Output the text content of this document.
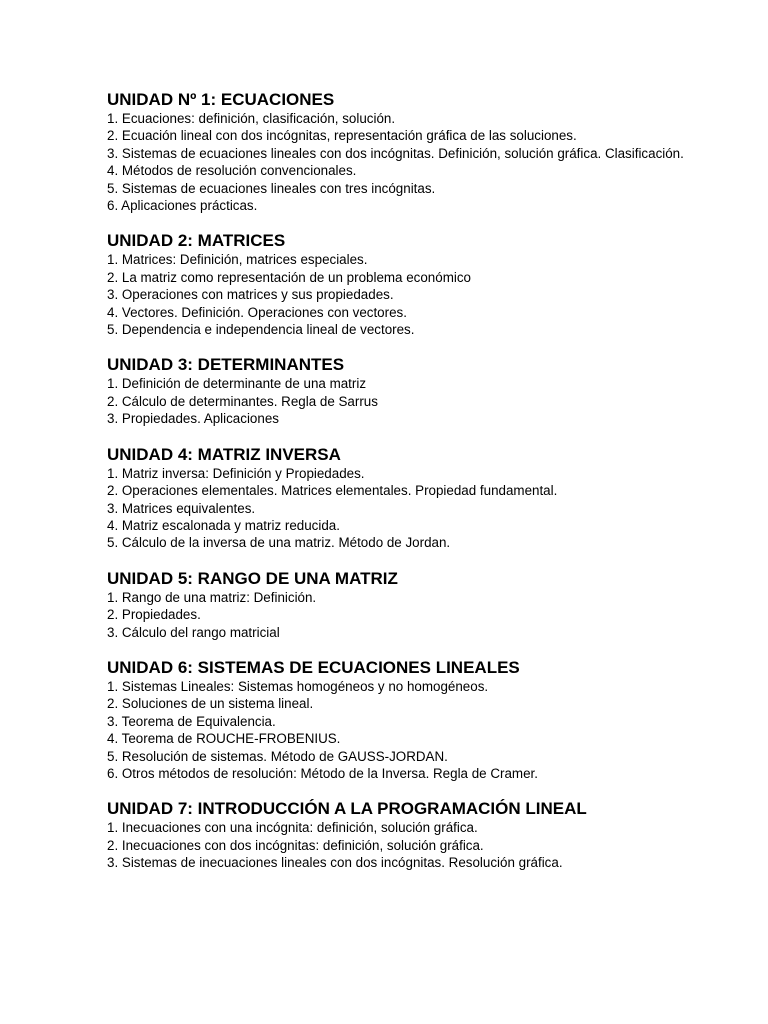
UNIDAD Nº 1: ECUACIONES
1. Ecuaciones: definición, clasificación, solución.
2. Ecuación lineal con dos incógnitas, representación gráfica de las soluciones.
3. Sistemas de ecuaciones lineales con dos incógnitas. Definición, solución gráfica. Clasificación.
4. Métodos de resolución convencionales.
5. Sistemas de ecuaciones lineales con tres incógnitas.
6. Aplicaciones prácticas.
UNIDAD 2: MATRICES
1. Matrices: Definición, matrices especiales.
2. La matriz como representación de un problema económico
3. Operaciones con matrices y sus propiedades.
4. Vectores. Definición. Operaciones con vectores.
5. Dependencia e independencia lineal de vectores.
UNIDAD 3: DETERMINANTES
1. Definición de determinante de una matriz
2. Cálculo de determinantes. Regla de Sarrus
3. Propiedades. Aplicaciones
UNIDAD 4: MATRIZ INVERSA
1. Matriz inversa: Definición y Propiedades.
2. Operaciones elementales. Matrices elementales. Propiedad fundamental.
3. Matrices equivalentes.
4. Matriz escalonada y matriz reducida.
5. Cálculo de la inversa de una matriz. Método de Jordan.
UNIDAD 5: RANGO DE UNA MATRIZ
1. Rango de una matriz: Definición.
2. Propiedades.
3. Cálculo del rango matricial
UNIDAD 6: SISTEMAS DE ECUACIONES LINEALES
1. Sistemas Lineales: Sistemas homogéneos y no homogéneos.
2. Soluciones de un sistema lineal.
3. Teorema de Equivalencia.
4. Teorema de ROUCHE-FROBENIUS.
5. Resolución de sistemas. Método de GAUSS-JORDAN.
6. Otros métodos de resolución: Método de la Inversa. Regla de Cramer.
UNIDAD 7: INTRODUCCIÓN A LA PROGRAMACIÓN LINEAL
1. Inecuaciones con una incógnita: definición, solución gráfica.
2. Inecuaciones con dos incógnitas: definición, solución gráfica.
3. Sistemas de inecuaciones lineales con dos incógnitas. Resolución gráfica.
